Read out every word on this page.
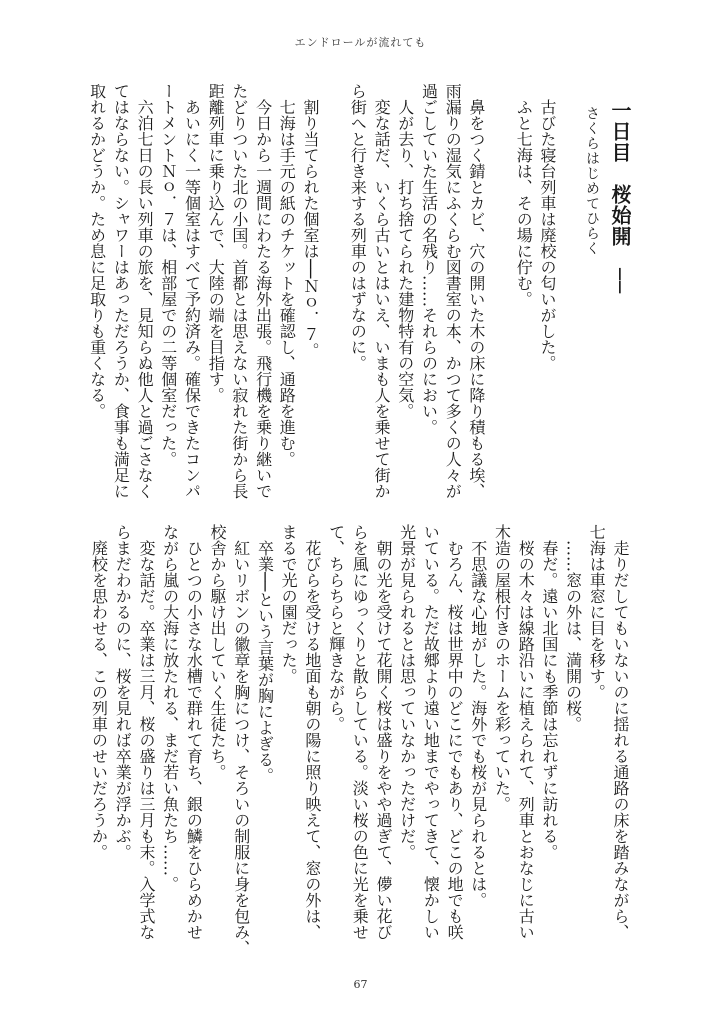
エンドロールが流れても
一日目　桜始開 ── さくらはじめてひらく
古びた寝台列車は廃校の匂いがした。
ふと七海は、その場に佇む。
鼻をつく錆とカビ、穴の開いた木の床に降り積もる埃、
雨漏りの湿気にふくらむ図書室の本、かつて多くの人々が
過ごしていた生活の名残り……それらのにおい。
人が去り、打ち捨てられた建物特有の空気。
変な話だ、いくら古いとはいえ、いまも人を乗せて街か
ら街へと行き来する列車のはずなのに。
割り当てられた個室は──Ｎｏ．７。
七海は手元の紙のチケットを確認し、通路を進む。
今日から一週間にわたる海外出張。飛行機を乗り継いで
たどりついた北の小国。首都とは思えない寂れた街から長
距離列車に乗り込んで、大陸の端を目指す。
あいにく一等個室はすべて予約済み。確保できたコンパ
ートメントＮｏ．７は、相部屋での二等個室だった。
六泊七日の長い列車の旅を、見知らぬ他人と過ごさなく
てはならない。シャワーはあっただろうか、食事も満足に
取れるかどうか。ため息に足取りも重くなる。
走りだしてもいないのに揺れる通路の床を踏みながら、
七海は車窓に目を移す。
……窓の外は、満開の桜。
春だ。遠い北国にも季節は忘れずに訪れる。
桜の木々は線路沿いに植えられて、列車とおなじに古い
木造の屋根付きのホームを彩っていた。
不思議な心地がした。海外でも桜が見られるとは。
むろん、桜は世界中のどこにでもあり、どこの地でも咲
いている。ただ故郷より遠い地までやってきて、懐かしい
光景が見られるとは思っていなかっただけだ。
朝の光を受けて花開く桜は盛りをやや過ぎて、儚い花び
らを風にゆっくりと散らしている。淡い桜の色に光を乗せ
て、ちらちらと輝きながら。
花びらを受ける地面も朝の陽に照り映えて、窓の外は、
まるで光の園だった。
卒業──という言葉が胸によぎる。
紅いリボンの徽章を胸につけ、そろいの制服に身を包み、
校舎から駆け出していく生徒たち。
ひとつの小さな水槽で群れて育ち、銀の鱗をひらめかせ
ながら嵐の大海に放たれる、まだ若い魚たち……。
変な話だ。卒業は三月、桜の盛りは三月も末。入学式な
らまだわかるのに、桜を見れば卒業が浮かぶ。
廃校を思わせる、この列車のせいだろうか。
67
